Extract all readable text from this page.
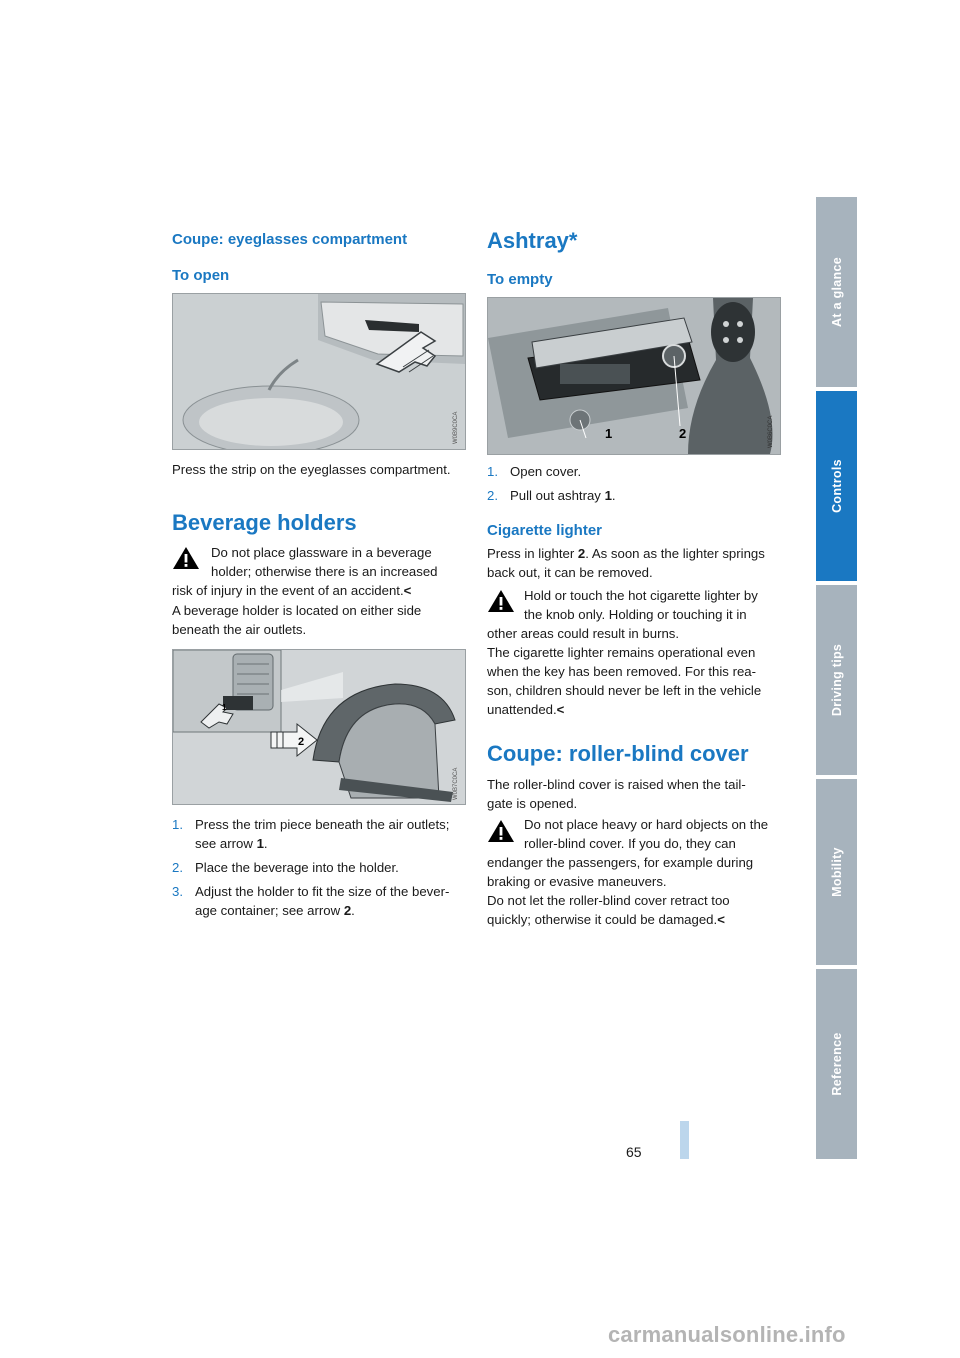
At a glance
Controls
Driving tips
Mobility
Reference
65
carmanualsonline.info
Coupe: eyeglasses compartment
To open
W0B9C0CA
Press the strip on the eyeglasses compartment.
Beverage holders
Do not place glassware in a beverage
holder; otherwise there is an increased
risk of injury in the event of an accident.<
A beverage holder is located on either side
beneath the air outlets.
1
2
W0B7C0CA
1. Press the trim piece beneath the air outlets;
see arrow 1.
2. Place the beverage into the holder.
3. Adjust the holder to fit the size of the bever-
age container; see arrow 2.
Ashtray*
To empty
1	2	W0B6C0CA
1. Open cover.
2. Pull out ashtray 1.
Cigarette lighter
Press in lighter 2. As soon as the lighter springs
back out, it can be removed.
Hold or touch the hot cigarette lighter by
the knob only. Holding or touching it in
other areas could result in burns.
The cigarette lighter remains operational even
when the key has been removed. For this rea-
son, children should never be left in the vehicle
unattended.<
Coupe: roller-blind cover
The roller-blind cover is raised when the tail-
gate is opened.
Do not place heavy or hard objects on the
roller-blind cover. If you do, they can
endanger the passengers, for example during
braking or evasive maneuvers.
Do not let the roller-blind cover retract too
quickly; otherwise it could be damaged.<
